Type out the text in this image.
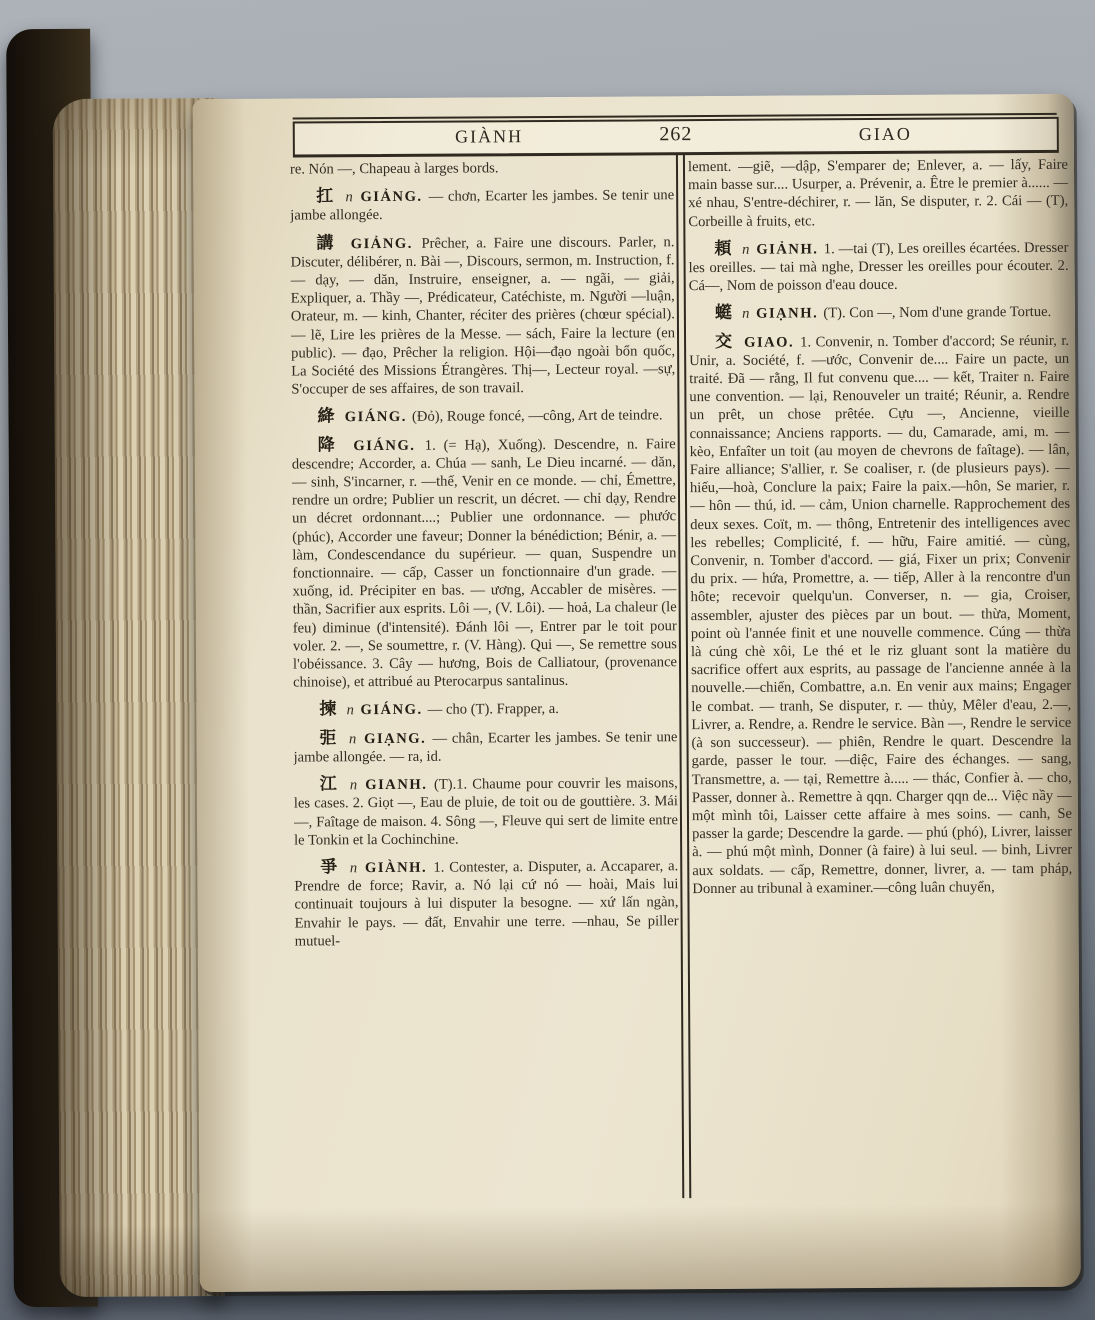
GIÀNH	262	GIAO

re. Nón —, Chapeau à larges bords.

扛 n GIẢNG. — chơn, Ecarter les jambes. Se tenir une jambe allongée.

講 GIẢNG. Prêcher, a. Faire une discours. Parler, n. Discuter, délibérer, n. Bài —, Discours, sermon, m. Instruction, f. — dạy, — dăn, Instruire, enseigner, a. — ngãi, — giải, Expliquer, a. Thầy —, Prédicateur, Catéchiste, m. Người —luận, Orateur, m. — kinh, Chanter, réciter des prières (chœur spécial). — lẽ, Lire les prières de la Messe. — sách, Faire la lecture (en public). — đạo, Prêcher la religion. Hội—đạo ngoài bổn quốc, La Société des Missions Étrangères. Thị—, Lecteur royal. —sự, S'occuper de ses affaires, de son travail.

絳 GIÁNG. (Đỏ), Rouge foncé, —công, Art de teindre.

降 GIÁNG. 1. (= Hạ), Xuống). Descendre, n. Faire descendre; Accorder, a. Chúa — sanh, Le Dieu incarné. — dăn, — sinh, S'incarner, r. —thế, Venir en ce monde. — chỉ, Émettre, rendre un ordre; Publier un rescrit, un décret. — chỉ dạy, Rendre un décret ordonnant....; Publier une ordonnance. — phước (phúc), Accorder une faveur; Donner la bénédiction; Bénir, a. — làm, Condescendance du supérieur. — quan, Suspendre un fonctionnaire. — cấp, Casser un fonctionnaire d'un grade. — xuống, id. Précipiter en bas. — ương, Accabler de misères. — thần, Sacrifier aux esprits. Lôi —, (V. Lôi). — hoả, La chaleur (le feu) diminue (d'intensité). Đánh lôi —, Entrer par le toit pour voler. 2. —, Se soumettre, r. (V. Hàng). Qui —, Se remettre sous l'obéissance. 3. Cây — hương, Bois de Calliatour, (provenance chinoise), et attribué au Pterocarpus santalinus.

揀 n GIÁNG. — cho (T). Frapper, a.

弡 n GIẠNG. — chân, Ecarter les jambes. Se tenir une jambe allongée. — ra, id.

江 n GIANH. (T).1. Chaume pour couvrir les maisons, les cases. 2. Giọt —, Eau de pluie, de toit ou de gouttière. 3. Mái —, Faîtage de maison. 4. Sông —, Fleuve qui sert de limite entre le Tonkin et la Cochinchine.

爭 n GIÀNH. 1. Contester, a. Disputer, a. Accaparer, a. Prendre de force; Ravir, a. Nó lại cứ nó — hoài, Mais lui continuait toujours à lui disputer la besogne. — xứ lấn ngàn, Envahir le pays. — đất, Envahir une terre. —nhau, Se piller mutuel-

lement. —giẽ, —dập, S'emparer de; Enlever, a. — lấy, Faire main basse sur.... Usurper, a. Prévenir, a. Être le premier à...... — xé nhau, S'entre-déchirer, r. — lăn, Se disputer, r. 2. Cái — (T), Corbeille à fruits, etc.

頛 n GIẢNH. 1. —tai (T), Les oreilles écartées. Dresser les oreilles. — tai mà nghe, Dresser les oreilles pour écouter. 2. Cá—, Nom de poisson d'eau douce.

䗴 n GIẠNH. (T). Con —, Nom d'une grande Tortue.

交 GIAO. 1. Convenir, n. Tomber d'accord; Se réunir, r. Unir, a. Société, f. —ước, Convenir de.... Faire un pacte, un traité. Đã — rằng, Il fut convenu que.... — kết, Traiter n. Faire une convention. — lại, Renouveler un traité; Réunir, a. Rendre un prêt, un chose prêtée. Cựu —, Ancienne, vieille connaissance; Anciens rapports. — du, Camarade, ami, m. — kèo, Enfaîter un toit (au moyen de chevrons de faîtage). — lân, Faire alliance; S'allier, r. Se coaliser, r. (de plusieurs pays). —hiếu,—hoà, Conclure la paix; Faire la paix.—hôn, Se marier, r. — hôn — thú, id. — cảm, Union charnelle. Rapprochement des deux sexes. Coït, m. — thông, Entretenir des intelligences avec les rebelles; Complicité, f. — hữu, Faire amitié. — cùng, Convenir, n. Tomber d'accord. — giá, Fixer un prix; Convenir du prix. — hứa, Promettre, a. — tiếp, Aller à la rencontre d'un hôte; recevoir quelqu'un. Converser, n. — gia, Croiser, assembler, ajuster des pièces par un bout. — thừa, Moment, point où l'année finit et une nouvelle commence. Cúng — thừa là cúng chè xôi, Le thé et le riz gluant sont la matière du sacrifice offert aux esprits, au passage de l'ancienne année à la nouvelle.—chiến, Combattre, a.n. En venir aux mains; Engager le combat. — tranh, Se disputer, r. — thủy, Mêler d'eau, 2.—, Livrer, a. Rendre, a. Rendre le service. Bàn —, Rendre le service (à son successeur). — phiên, Rendre le quart. Descendre la garde, passer le tour. —diệc, Faire des échanges. — sang, Transmettre, a. — tại, Remettre à..... — thác, Confier à. — cho, Passer, donner à.. Remettre à qqn. Charger qqn de... Việc nầy — một mình tôi, Laisser cette affaire à mes soins. — canh, Se passer la garde; Descendre la garde. — phú (phó), Livrer, laisser à. — phú một mình, Donner (à faire) à lui seul. — binh, Livrer aux soldats. — cấp, Remettre, donner, livrer, a. — tam pháp, Donner au tribunal à examiner.—công luân chuyển,
